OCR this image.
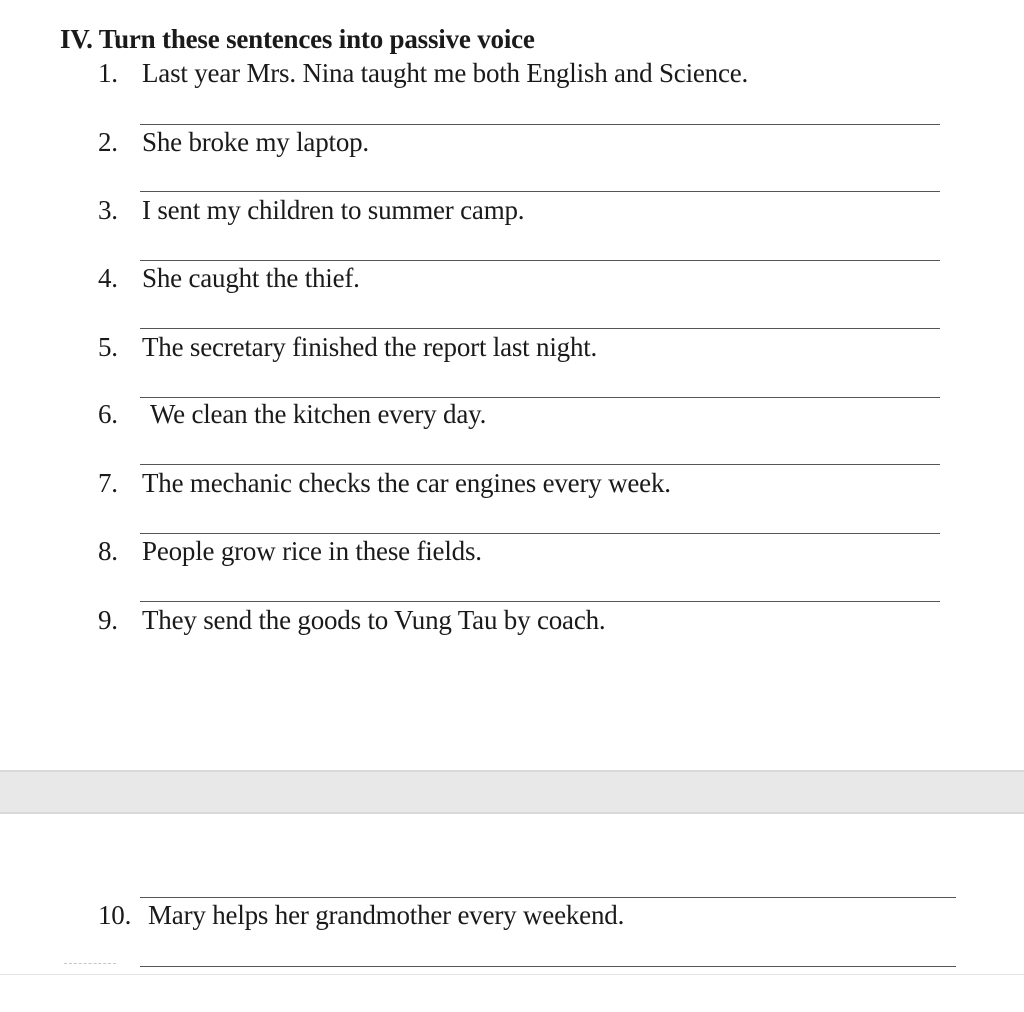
IV. Turn these sentences into passive voice
1. Last year Mrs. Nina taught me both English and Science.
2. She broke my laptop.
3. I sent my children to summer camp.
4. She caught the thief.
5. The secretary finished the report last night.
6. We clean the kitchen every day.
7. The mechanic checks the car engines every week.
8. People grow rice in these fields.
9. They send the goods to Vung Tau by coach.
10. Mary helps her grandmother every weekend.
